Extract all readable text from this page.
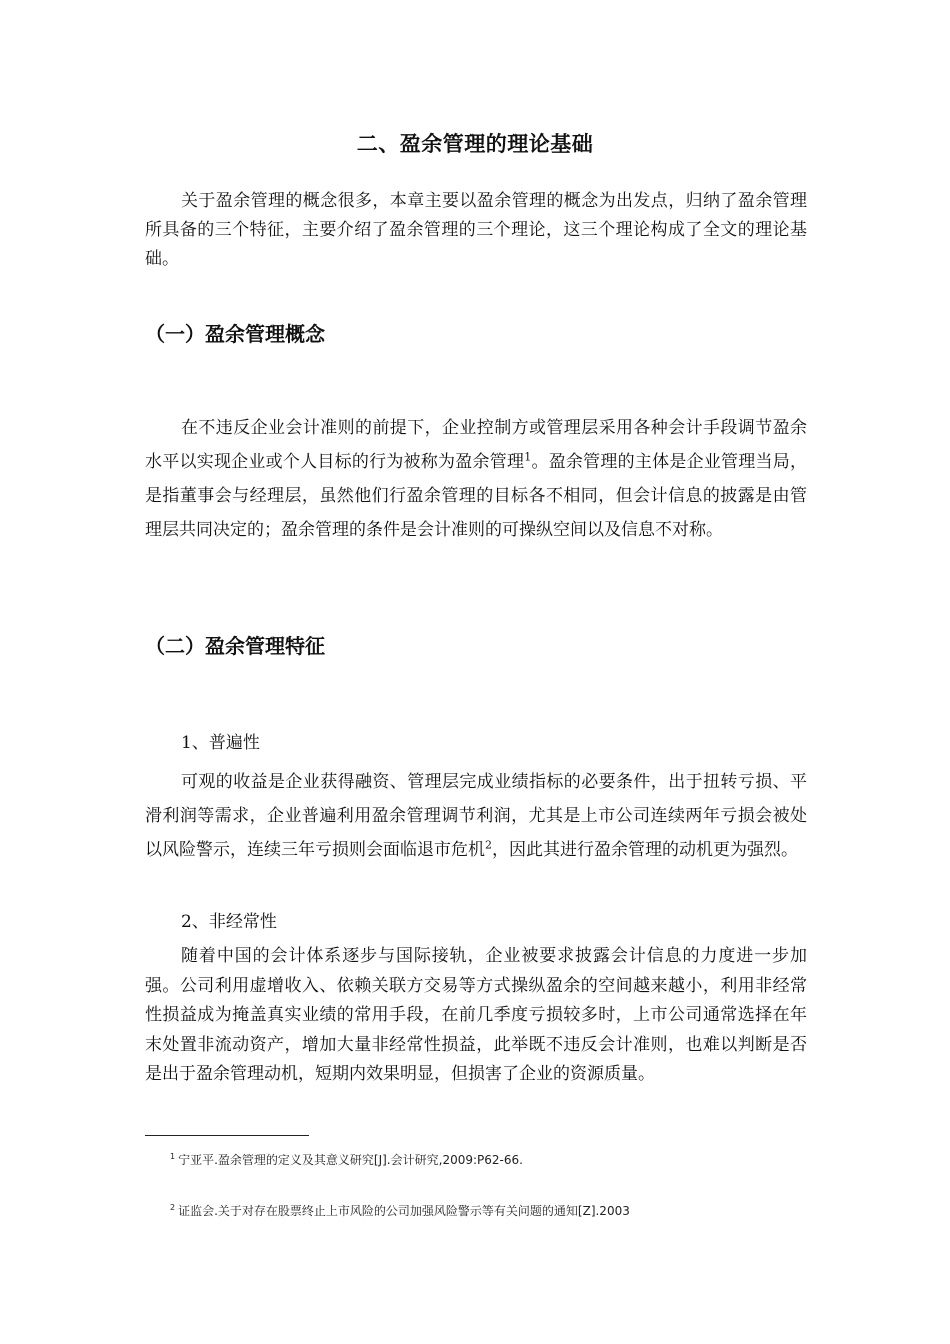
二、盈余管理的理论基础

关于盈余管理的概念很多，本章主要以盈余管理的概念为出发点，归纳了盈余管理所具备的三个特征，主要介绍了盈余管理的三个理论，这三个理论构成了全文的理论基础。

（一）盈余管理概念

在不违反企业会计准则的前提下，企业控制方或管理层采用各种会计手段调节盈余水平以实现企业或个人目标的行为被称为盈余管理$^1$。盈余管理的主体是企业管理当局，是指董事会与经理层，虽然他们行盈余管理的目标各不相同，但会计信息的披露是由管理层共同决定的；盈余管理的条件是会计准则的可操纵空间以及信息不对称。

（二）盈余管理特征
1、普遍性

可观的收益是企业获得融资、管理层完成业绩指标的必要条件，出于扭转亏损、平滑利润等需求，企业普遍利用盈余管理调节利润，尤其是上市公司连续两年亏损会被处以风险警示，连续三年亏损则会面临退市危机$^2$，因此其进行盈余管理的动机更为强烈。

2、非经常性

随着中国的会计体系逐步与国际接轨，企业被要求披露会计信息的力度进一步加强。公司利用虚增收入、依赖关联方交易等方式操纵盈余的空间越来越小，利用非经常性损益成为掩盖真实业绩的常用手段，在前几季度亏损较多时，上市公司通常选择在年末处置非流动资产，增加大量非经常性损益，此举既不违反会计准则，也难以判断是否是出于盈余管理动机，短期内效果明显，但损害了企业的资源质量。

$^1$ 宁亚平.盈余管理的定义及其意义研究[J].会计研究,2009:P62-66.
$^2$ 证监会.关于对存在股票终止上市风险的公司加强风险警示等有关问题的通知[Z].2003
